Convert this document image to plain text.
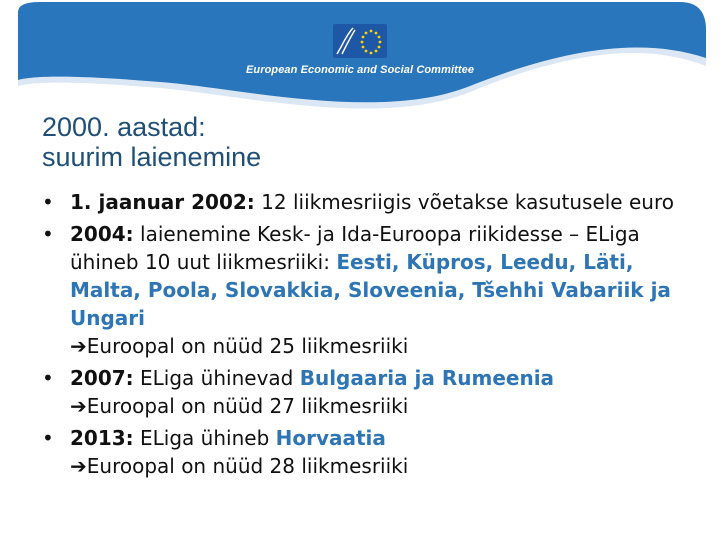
European Economic and Social Committee
2000. aastad:
suurim laienemine
• 1. jaanuar 2002: 12 liikmesriigis võetakse kasutusele euro
• 2004: laienemine Kesk- ja Ida-Euroopa riikidesse – ELiga ühineb 10 uut liikmesriiki: Eesti, Küpros, Leedu, Läti, Malta, Poola, Slovakkia, Sloveenia, Tšehhi Vabariik ja Ungari
➔Euroopal on nüüd 25 liikmesriiki
• 2007: ELiga ühinevad Bulgaaria ja Rumeenia
➔Euroopal on nüüd 27 liikmesriiki
• 2013: ELiga ühineb Horvaatia
➔Euroopal on nüüd 28 liikmesriiki
